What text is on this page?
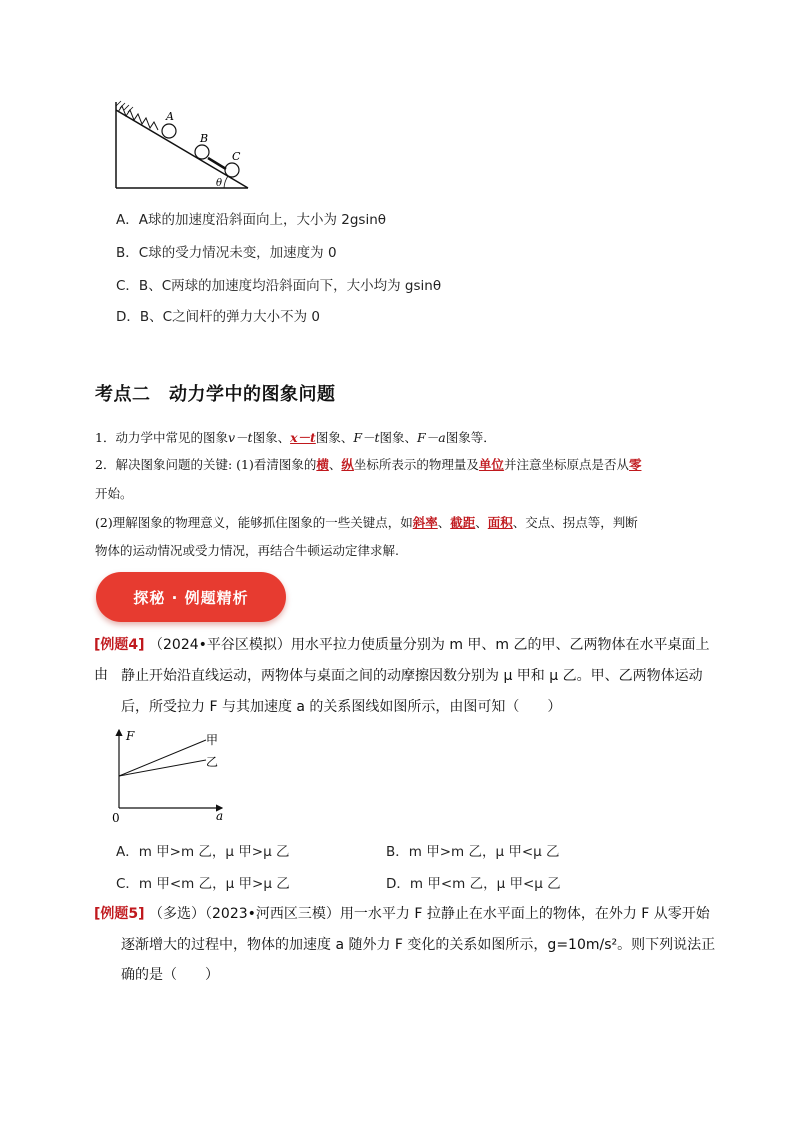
A
B
C
θ
A．A球的加速度沿斜面向上，大小为 2gsinθ
B．C球的受力情况未变，加速度为 0
C．B、C两球的加速度均沿斜面向下，大小均为 gsinθ
D．B、C之间杆的弹力大小不为 0
考点二　动力学中的图象问题
1．动力学中常见的图象v－t图象、x－t图象、F－t图象、F－a图象等．
2．解决图象问题的关键: (1)看清图象的横、纵坐标所表示的物理量及单位并注意坐标原点是否从零
开始。
(2)理解图象的物理意义，能够抓住图象的一些关键点，如斜率、截距、面积、交点、拐点等，判断
物体的运动情况或受力情况，再结合牛顿运动定律求解.
探秘 · 例题精析
[例题4] （2024•平谷区模拟）用水平拉力使质量分别为 m 甲、m 乙的甲、乙两物体在水平桌面上由 静止开始沿直线运动，两物体与桌面之间的动摩擦因数分别为 μ 甲和 μ 乙。甲、乙两物体运动
后，所受拉力 F 与其加速度 a 的关系图线如图所示，由图可知（　　）
F
a
0
甲
乙
A．m 甲>m 乙，μ 甲>μ 乙	B．m 甲>m 乙，μ 甲<μ 乙
C．m 甲<m 乙，μ 甲>μ 乙	D．m 甲<m 乙，μ 甲<μ 乙
[例题5] （多选）（2023•河西区三模）用一水平力 F 拉静止在水平面上的物体，在外力 F 从零开始
逐渐增大的过程中，物体的加速度 a 随外力 F 变化的关系如图所示，g=10m/s²。则下列说法正
确的是（　　）
